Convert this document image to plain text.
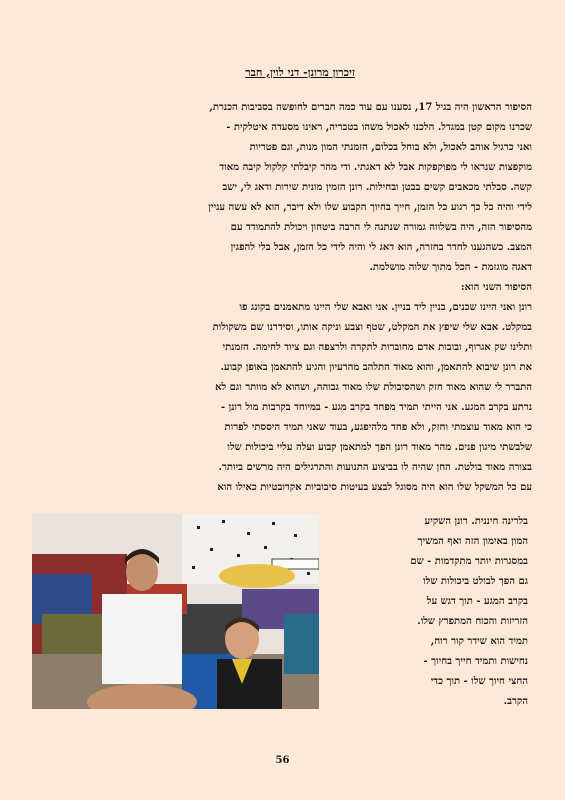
זיכרון מרונן- דני לוין, חבר

הסיפור הראשון היה בגיל 17, נסענו עם עוד כמה חברים לחופשה בסביבות הכנרת,
שכרנו מקום קטן במגדל. הלכנו לאכול משהו בטבריה, ראינו מסעדה איטלקית -
ואני כרגיל אוהב לאכול, ולא בוחל בכלום, הזמנתי המון מנות, וגם פטריות
מוקפצות שנראו לי מפוקפקות אבל לא דאגתי. ודי מהר קיבלתי קלקול קיבה מאוד
קשה. סבלתי מכאבים קשים בבטן ובחילות. רונן הזמין מונית שירות ודאג לי, ישב
לידי והיה כל כך רגוע כל הזמן, חייך בחיוך הקבוע שלו ולא דיבר, הוא לא עשה עניין
מהסיפור הזה, היה בשלווה גמורה שנתנה לי הרבה ביטחון ויכולת להתמודד עם
המצב. כשהגענו לחדר בחזרה, הוא דאג לי והיה לידי כל הזמן, אבל בלי להפגין
דאגה מוגזמת - הכל מתוך שלוה מושלמת.

הסיפור השני הוא:

רונן ואני היינו שכנים, בניין ליד בניין. אני ואבא שלי היינו מתאמנים בקונג פו
במקלט. אבא שלי שיפץ את המקלט, שטף וצבע וניקה אותו, וסידרנו שם משקולות
ותלינו שק אגרוף, ובובות אדם מחוברות לתקרה ולרצפה וגם ציוד לחימה. הזמנתי
את רונן שיבוא להתאמן, והוא מאוד התלהב מהרעיון והגיע להתאמן באופן קבוע.
התברר לי שהוא מאוד חזק ושהסיבולת שלו מאוד גבוהה, ושהוא לא מוותר וגם לא
נרתע בקרב המגע. אני הייתי תמיד מפחד בקרב מגע - במיוחד בקרבות מול רונן -
כי הוא מאוד עוצמתי וחזק, ולא פחד מלהיפגע, בעוד שאני תמיד היססתי לפרות
שלבשתי מיגון פנים. מהר מאוד רונן הפך למתאמן קבוע ועלה עליי ביכולות שלו
בצורה מאוד בולטת. החן שהיה לו בביצוע התנועות והתרגילים היה מרשים ביותר.
עם כל המשקל שלו הוא היה מסוגל לבצע בעיטות סיבוביות אקרובטיות כאילו הוא

בלרינה חיננית. רונן השקיע
המון באימון הזה ואף המשיך
במסגרות יותר מתקדמות - שם
גם הפך לבולט ביכולות שלו
בקרב המגע - תוך דגש על
הזריזות והכוח המתפרץ שלו.
תמיד הוא שידר קור רוח,
נחישות ותמיד חייך בחיוך -
החצי חיוך שלו - תוך כדי
הקרב.
56
